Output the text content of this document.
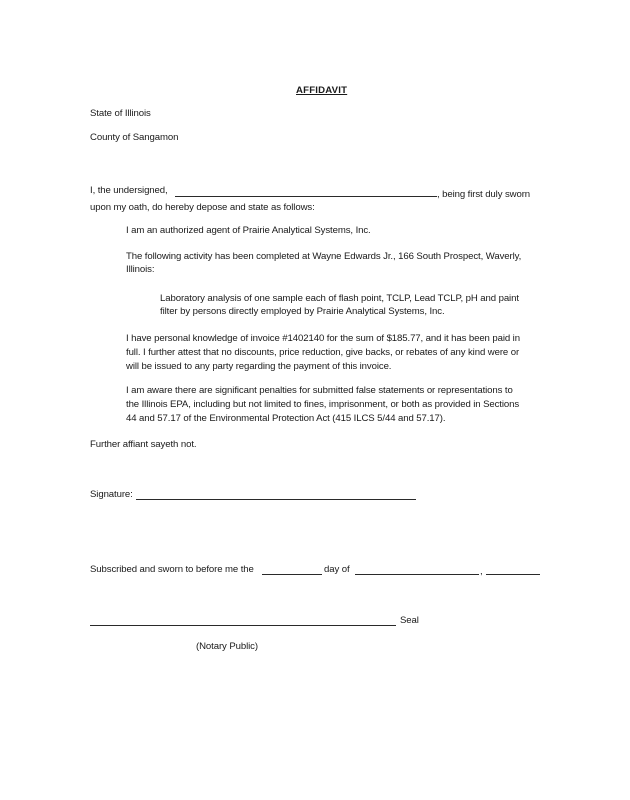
AFFIDAVIT
State of Illinois
County of Sangamon
I, the undersigned,	, being first duly sworn
upon my oath, do hereby depose and state as follows:
I am an authorized agent of Prairie Analytical Systems, Inc.
The following activity has been completed at Wayne Edwards Jr., 166 South Prospect, Waverly,
Illinois:
Laboratory analysis of one sample each of flash point, TCLP, Lead TCLP, pH and paint
filter by persons directly employed by Prairie Analytical Systems, Inc.
I have personal knowledge of invoice #1402140 for the sum of $185.77, and it has been paid in
full. I further attest that no discounts, price reduction, give backs, or rebates of any kind were or
will be issued to any party regarding the payment of this invoice.
I am aware there are significant penalties for submitted false statements or representations to
the Illinois EPA, including but not limited to fines, imprisonment, or both as provided in Sections
44 and 57.17 of the Environmental Protection Act (415 ILCS 5/44 and 57.17).
Further affiant sayeth not.
Signature:
Subscribed and sworn to before me the	day of	,
Seal
(Notary Public)
